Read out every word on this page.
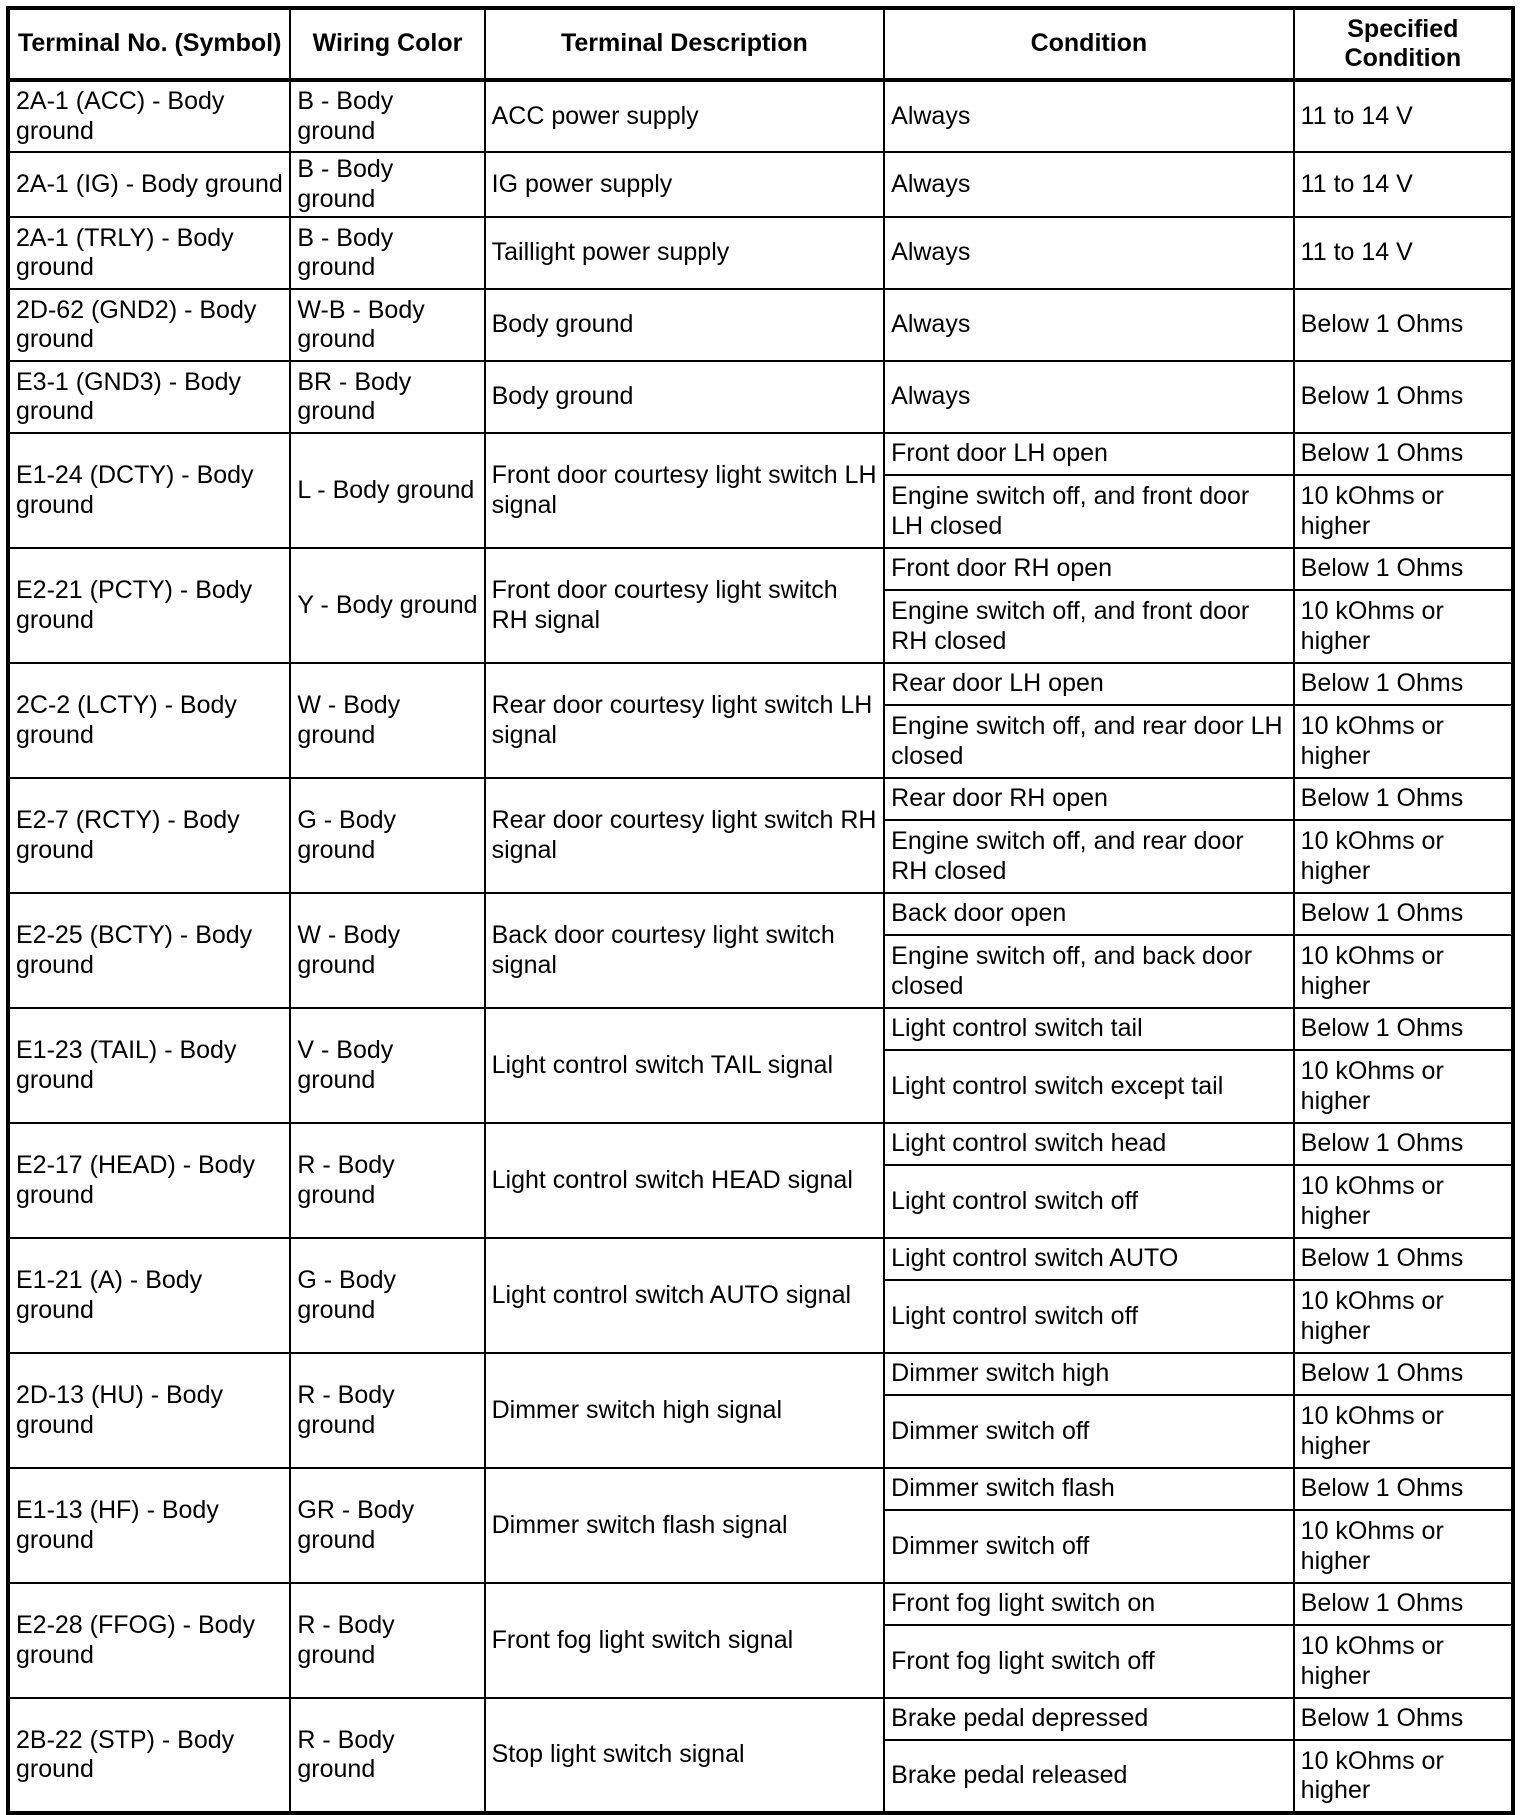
Terminal No. (Symbol)	Wiring Color	Terminal Description	Condition	Specified Condition
2A-1 (ACC) - Body ground	B - Body ground	ACC power supply	Always	11 to 14 V
2A-1 (IG) - Body ground	B - Body ground	IG power supply	Always	11 to 14 V
2A-1 (TRLY) - Body ground	B - Body ground	Taillight power supply	Always	11 to 14 V
2D-62 (GND2) - Body ground	W-B - Body ground	Body ground	Always	Below 1 Ohms
E3-1 (GND3) - Body ground	BR - Body ground	Body ground	Always	Below 1 Ohms
E1-24 (DCTY) - Body ground	L - Body ground	Front door courtesy light switch LH signal	Front door LH open	Below 1 Ohms
			Engine switch off, and front door LH closed	10 kOhms or higher
E2-21 (PCTY) - Body ground	Y - Body ground	Front door courtesy light switch RH signal	Front door RH open	Below 1 Ohms
			Engine switch off, and front door RH closed	10 kOhms or higher
2C-2 (LCTY) - Body ground	W - Body ground	Rear door courtesy light switch LH signal	Rear door LH open	Below 1 Ohms
			Engine switch off, and rear door LH closed	10 kOhms or higher
E2-7 (RCTY) - Body ground	G - Body ground	Rear door courtesy light switch RH signal	Rear door RH open	Below 1 Ohms
			Engine switch off, and rear door RH closed	10 kOhms or higher
E2-25 (BCTY) - Body ground	W - Body ground	Back door courtesy light switch signal	Back door open	Below 1 Ohms
			Engine switch off, and back door closed	10 kOhms or higher
E1-23 (TAIL) - Body ground	V - Body ground	Light control switch TAIL signal	Light control switch tail	Below 1 Ohms
			Light control switch except tail	10 kOhms or higher
E2-17 (HEAD) - Body ground	R - Body ground	Light control switch HEAD signal	Light control switch head	Below 1 Ohms
			Light control switch off	10 kOhms or higher
E1-21 (A) - Body ground	G - Body ground	Light control switch AUTO signal	Light control switch AUTO	Below 1 Ohms
			Light control switch off	10 kOhms or higher
2D-13 (HU) - Body ground	R - Body ground	Dimmer switch high signal	Dimmer switch high	Below 1 Ohms
			Dimmer switch off	10 kOhms or higher
E1-13 (HF) - Body ground	GR - Body ground	Dimmer switch flash signal	Dimmer switch flash	Below 1 Ohms
			Dimmer switch off	10 kOhms or higher
E2-28 (FFOG) - Body ground	R - Body ground	Front fog light switch signal	Front fog light switch on	Below 1 Ohms
			Front fog light switch off	10 kOhms or higher
2B-22 (STP) - Body ground	R - Body ground	Stop light switch signal	Brake pedal depressed	Below 1 Ohms
			Brake pedal released	10 kOhms or higher
